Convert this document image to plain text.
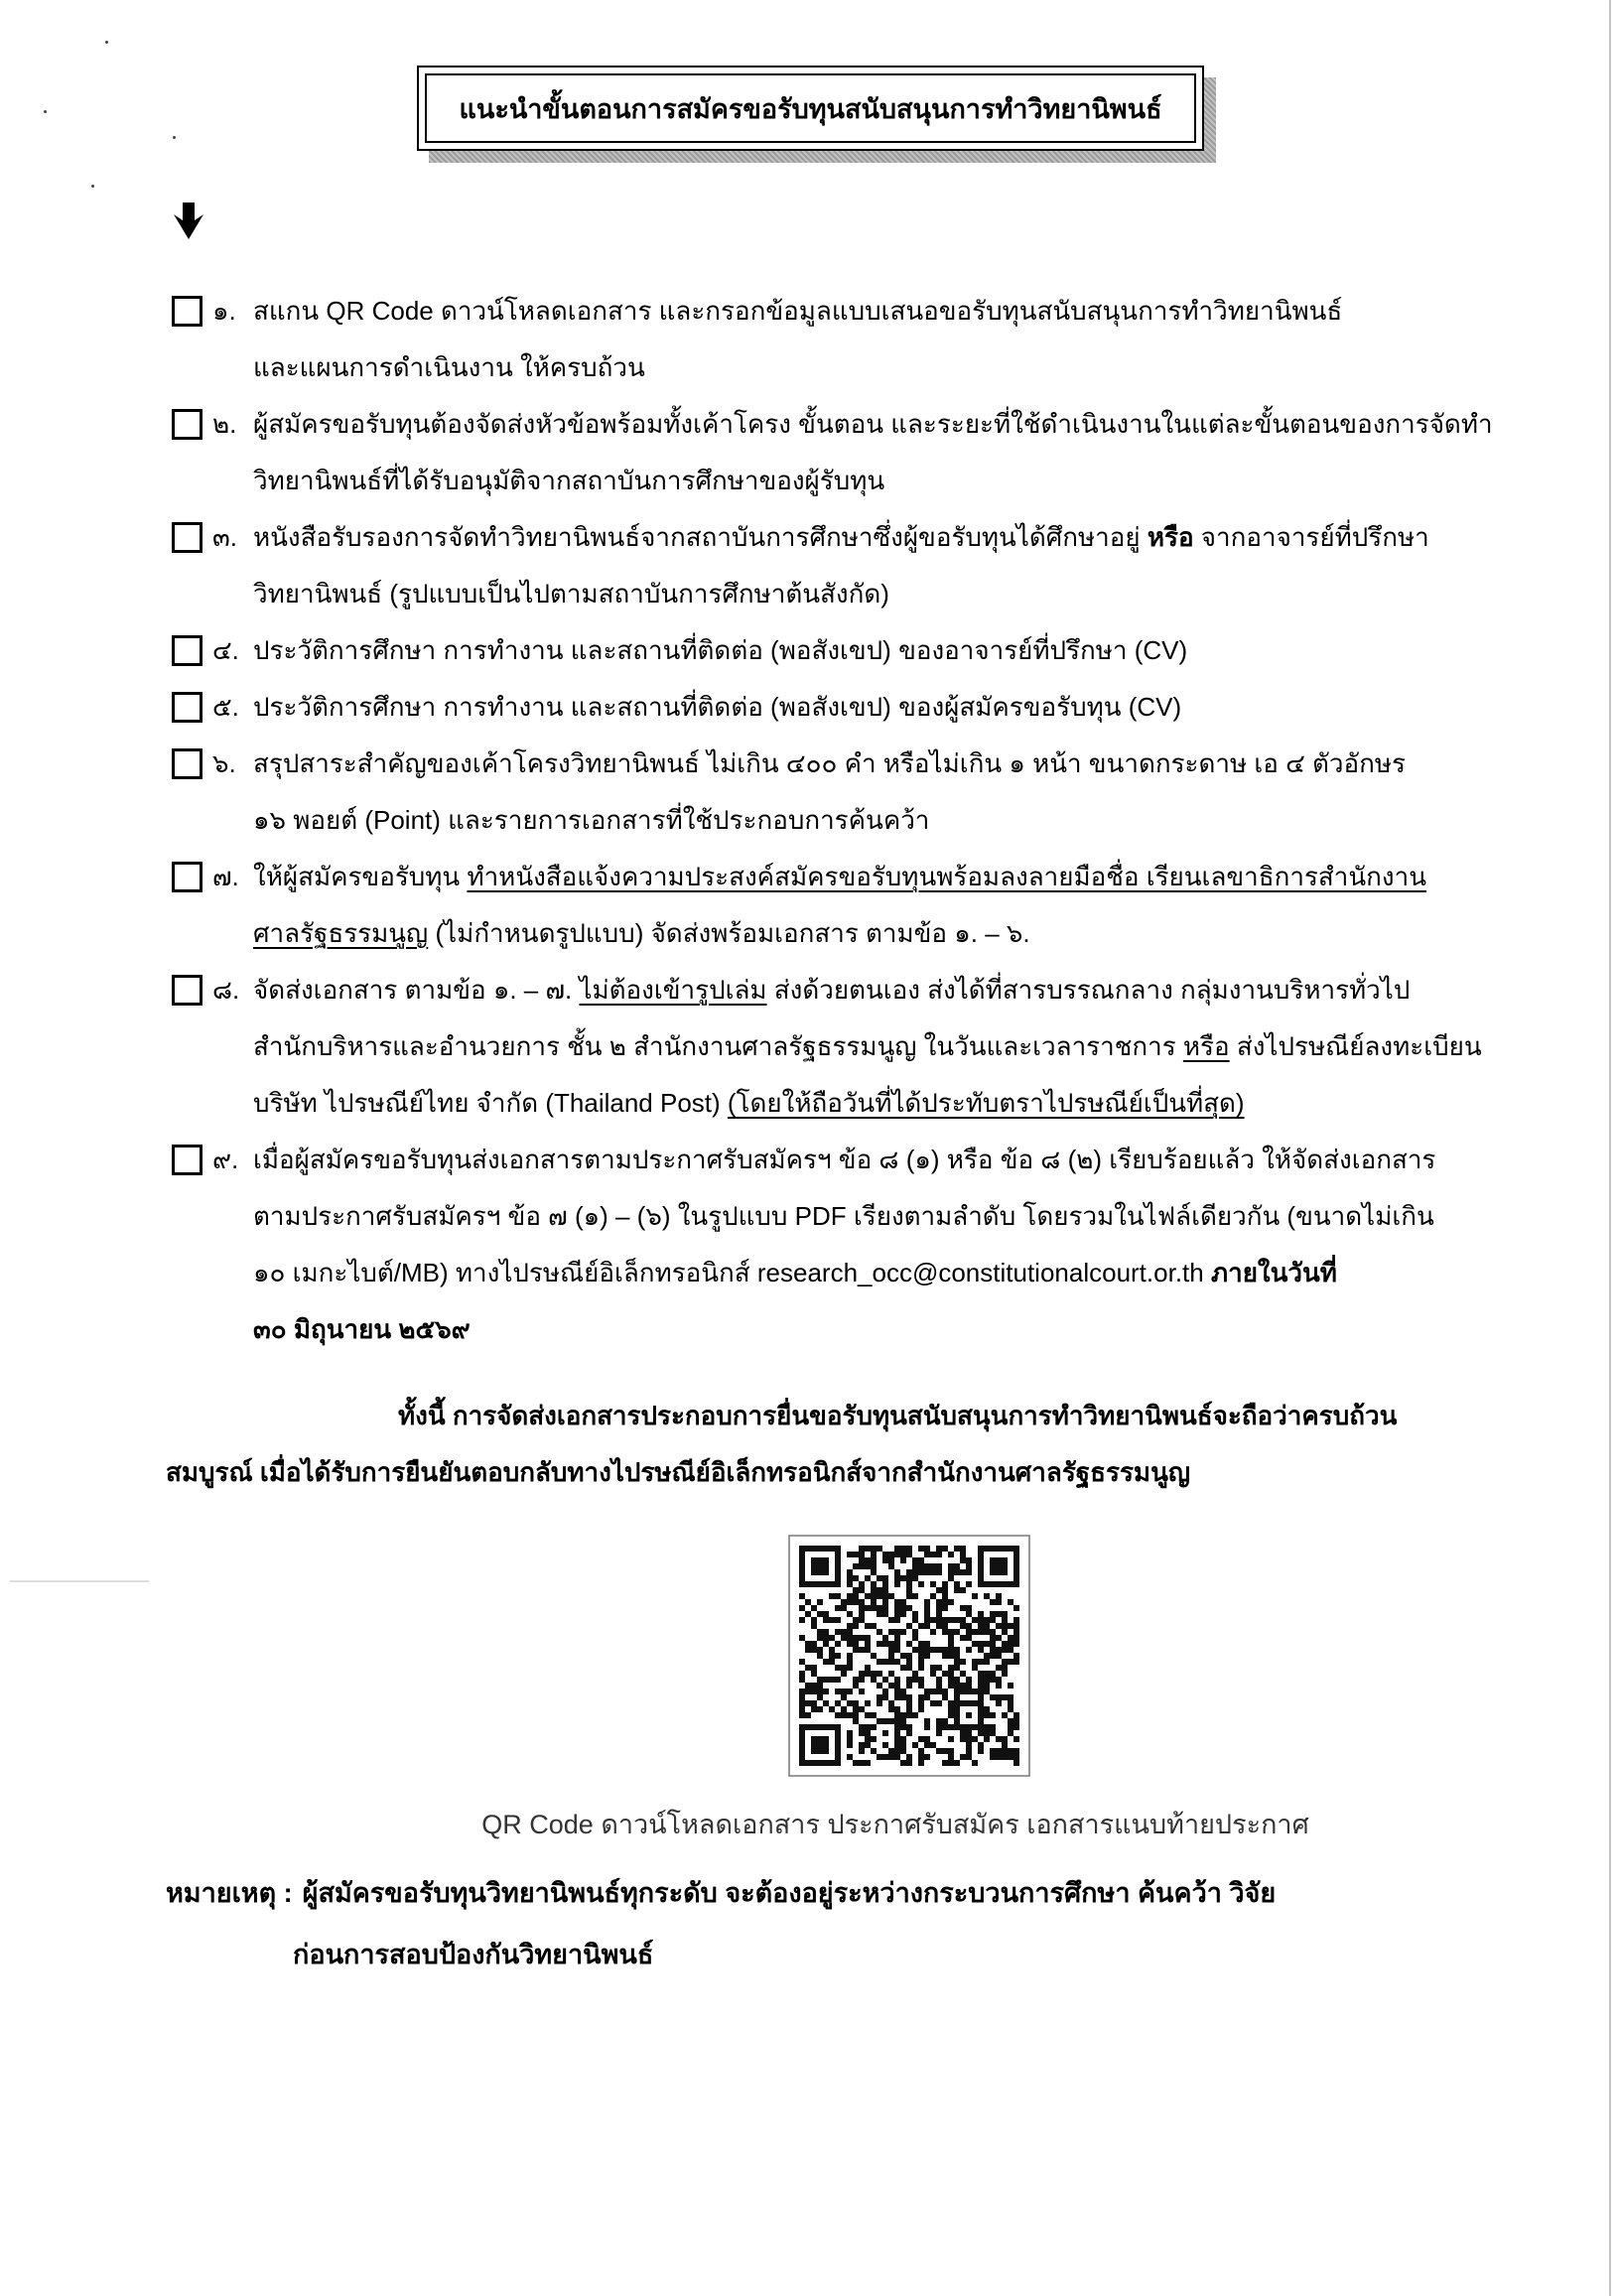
แนะนำขั้นตอนการสมัครขอรับทุนสนับสนุนการทำวิทยานิพนธ์
๑. สแกน QR Code ดาวน์โหลดเอกสาร และกรอกข้อมูลแบบเสนอขอรับทุนสนับสนุนการทำวิทยานิพนธ์
และแผนการดำเนินงาน ให้ครบถ้วน
๒. ผู้สมัครขอรับทุนต้องจัดส่งหัวข้อพร้อมทั้งเค้าโครง ขั้นตอน และระยะที่ใช้ดำเนินงานในแต่ละขั้นตอนของการจัดทำ
วิทยานิพนธ์ที่ได้รับอนุมัติจากสถาบันการศึกษาของผู้รับทุน
๓. หนังสือรับรองการจัดทำวิทยานิพนธ์จากสถาบันการศึกษาซึ่งผู้ขอรับทุนได้ศึกษาอยู่ หรือ จากอาจารย์ที่ปรึกษา
วิทยานิพนธ์ (รูปแบบเป็นไปตามสถาบันการศึกษาต้นสังกัด)
๔. ประวัติการศึกษา การทำงาน และสถานที่ติดต่อ (พอสังเขป) ของอาจารย์ที่ปรึกษา (CV)
๕. ประวัติการศึกษา การทำงาน และสถานที่ติดต่อ (พอสังเขป) ของผู้สมัครขอรับทุน (CV)
๖. สรุปสาระสำคัญของเค้าโครงวิทยานิพนธ์ ไม่เกิน ๔๐๐ คำ หรือไม่เกิน ๑ หน้า ขนาดกระดาษ เอ ๔ ตัวอักษร
๑๖ พอยต์ (Point) และรายการเอกสารที่ใช้ประกอบการค้นคว้า
๗. ให้ผู้สมัครขอรับทุน ทำหนังสือแจ้งความประสงค์สมัครขอรับทุนพร้อมลงลายมือชื่อ เรียนเลขาธิการสำนักงาน
ศาลรัฐธรรมนูญ (ไม่กำหนดรูปแบบ) จัดส่งพร้อมเอกสาร ตามข้อ ๑. – ๖.
๘. จัดส่งเอกสาร ตามข้อ ๑. – ๗. ไม่ต้องเข้ารูปเล่ม ส่งด้วยตนเอง ส่งได้ที่สารบรรณกลาง กลุ่มงานบริหารทั่วไป
สำนักบริหารและอำนวยการ ชั้น ๒ สำนักงานศาลรัฐธรรมนูญ ในวันและเวลาราชการ หรือ ส่งไปรษณีย์ลงทะเบียน
บริษัท ไปรษณีย์ไทย จำกัด (Thailand Post) (โดยให้ถือวันที่ได้ประทับตราไปรษณีย์เป็นที่สุด)
๙. เมื่อผู้สมัครขอรับทุนส่งเอกสารตามประกาศรับสมัครฯ ข้อ ๘ (๑) หรือ ข้อ ๘ (๒) เรียบร้อยแล้ว ให้จัดส่งเอกสาร
ตามประกาศรับสมัครฯ ข้อ ๗ (๑) – (๖) ในรูปแบบ PDF เรียงตามลำดับ โดยรวมในไฟล์เดียวกัน (ขนาดไม่เกิน
๑๐ เมกะไบต์/MB) ทางไปรษณีย์อิเล็กทรอนิกส์ research_occ@constitutionalcourt.or.th ภายในวันที่
๓๐ มิถุนายน ๒๕๖๙
ทั้งนี้ การจัดส่งเอกสารประกอบการยื่นขอรับทุนสนับสนุนการทำวิทยานิพนธ์จะถือว่าครบถ้วน
สมบูรณ์ เมื่อได้รับการยืนยันตอบกลับทางไปรษณีย์อิเล็กทรอนิกส์จากสำนักงานศาลรัฐธรรมนูญ
QR Code ดาวน์โหลดเอกสาร ประกาศรับสมัคร เอกสารแนบท้ายประกาศ
หมายเหตุ : ผู้สมัครขอรับทุนวิทยานิพนธ์ทุกระดับ จะต้องอยู่ระหว่างกระบวนการศึกษา ค้นคว้า วิจัย
ก่อนการสอบป้องกันวิทยานิพนธ์
